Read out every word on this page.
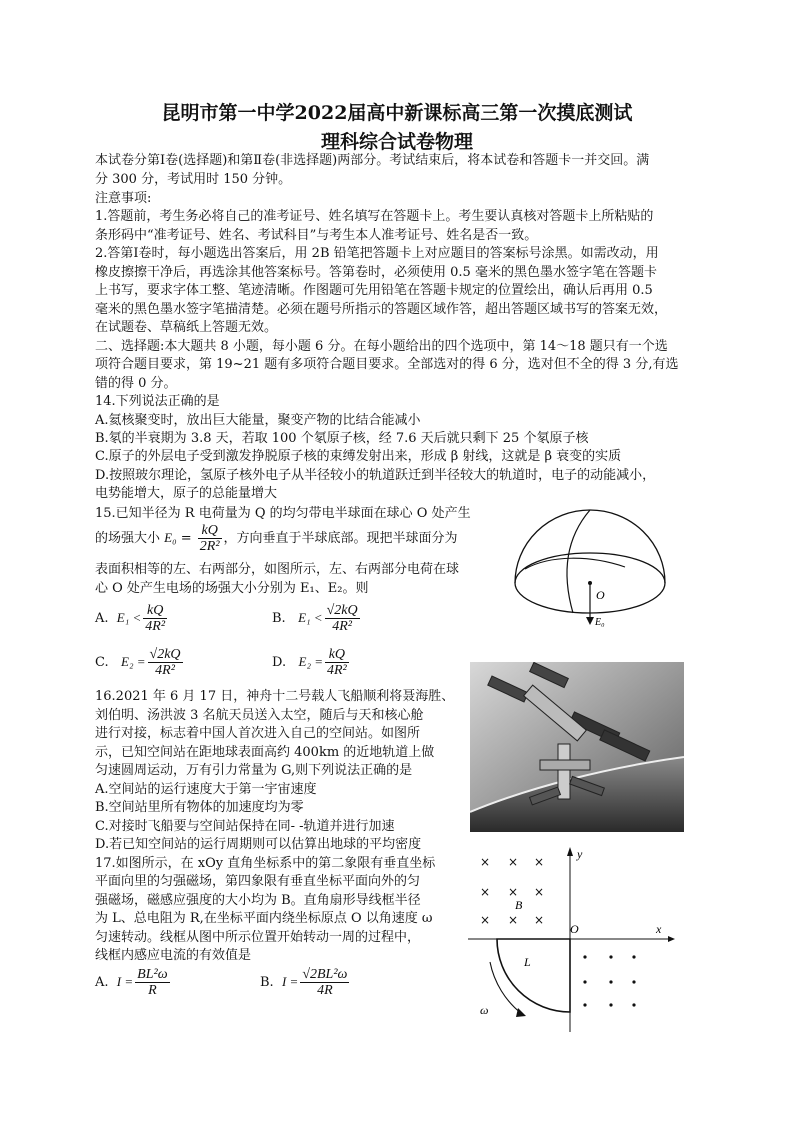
昆明市第一中学2022届高中新课标高三第一次摸底测试
理科综合试卷物理
本试卷分第Ⅰ卷(选择题)和第Ⅱ卷(非选择题)两部分。考试结束后，将本试卷和答题卡一并交回。满
分 300 分，考试用时 150 分钟。
注意事项:
1.答题前，考生务必将自己的准考证号、姓名填写在答题卡上。考生要认真核对答题卡上所粘贴的
条形码中“准考证号、姓名、考试科目”与考生本人准考证号、姓名是否一致。
2.答第Ⅰ卷时，每小题选出答案后，用 2B 铅笔把答题卡上对应题目的答案标号涂黑。如需改动，用
橡皮擦擦干净后，再选涂其他答案标号。答第卷时，必须使用 0.5 毫米的黑色墨水签字笔在答题卡
上书写，要求字体工整、笔迹清晰。作图题可先用铅笔在答题卡规定的位置绘出，确认后再用 0.5
毫米的黑色墨水签字笔描清楚。必须在题号所指示的答题区域作答，超出答题区域书写的答案无效，
在试题卷、草稿纸上答题无效。
二、选择题:本大题共 8 小题，每小题 6 分。在每小题给出的四个选项中，第 14～18 题只有一个选
项符合题目要求，第 19~21 题有多项符合题目要求。全部选对的得 6 分，选对但不全的得 3 分,有选
错的得 0 分。
14.下列说法正确的是
A.氦核聚变时，放出巨大能量，聚变产物的比结合能减小
B.氡的半衰期为 3.8 天，若取 100 个氡原子核，经 7.6 天后就只剩下 25 个氡原子核
C.原子的外层电子受到激发挣脱原子核的束缚发射出来，形成 β 射线，这就是 β 衰变的实质
D.按照玻尔理论，氢原子核外电子从半径较小的轨道跃迁到半径较大的轨道时，电子的动能减小，
电势能增大，原子的总能量增大
15.已知半径为 R 电荷量为 Q 的均匀带电半球面在球心 O 处产生
的场强大小 $E_0 = \frac{kQ}{\text{2R²}}$ ，方向垂直于半球底部。现把半球面分为
表面积相等的左、右两部分，如图所示，左、右两部分电荷在球
心 O 处产生电场的场强大小分别为 E₁、E₂。则
A. $E_1 < \frac{kQ}{\text{4R²}}$	B. $E_1 < \frac{√2kQ}{\text{4R²}}$
C. $E_2 = \frac{√2kQ}{\text{4R²}}$	D. $E_2 = \frac{kQ}{\text{4R²}}$
O
E₀
16.2021 年 6 月 17 日，神舟十二号载人飞船顺利将聂海胜、
刘伯明、汤洪波 3 名航天员送入太空，随后与天和核心舱
进行对接，标志着中国人首次进入自己的空间站。如图所
示，已知空间站在距地球表面高约 400km 的近地轨道上做
匀速圆周运动，万有引力常量为 G,则下列说法正确的是
A.空间站的运行速度大于第一宇宙速度
B.空间站里所有物体的加速度均为零
C.对接时飞船要与空间站保持在同- -轨道并进行加速
D.若已知空间站的运行周期则可以估算出地球的平均密度
17.如图所示，在 xOy 直角坐标系中的第二象限有垂直坐标
平面向里的匀强磁场，第四象限有垂直坐标平面向外的匀
强磁场，磁感应强度的大小均为 B。直角扇形导线框半径
为 L、总电阻为 R,在坐标平面内绕坐标原点 O 以角速度 ω
匀速转动。线框从图中所示位置开始转动一周的过程中，
线框内感应电流的有效值是
A. $I = \frac{\text{BL²ω}}{R}$	B. $I = \frac{\text{√2BL²ω}}{4R}$
y
x
O
× × ×
× × ×
× × ×
B
L
ω
